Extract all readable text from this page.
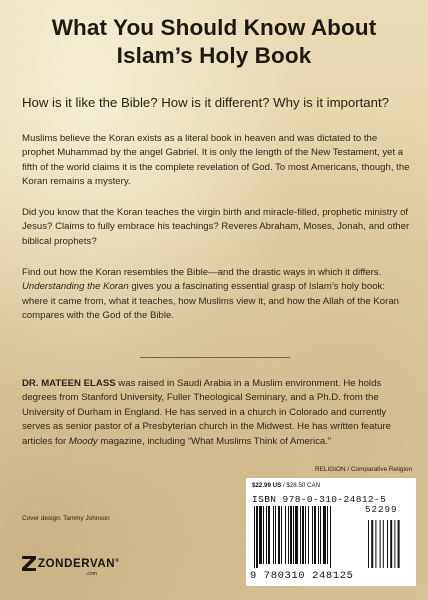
What You Should Know About
Islam’s Holy Book
How is it like the Bible? How is it different? Why is it important?
Muslims believe the Koran exists as a literal book in heaven and was dictated to the prophet Muhammad by the angel Gabriel. It is only the length of the New Testament, yet a fifth of the world claims it is the complete revelation of God. To most Americans, though, the Koran remains a mystery.
Did you know that the Koran teaches the virgin birth and miracle-filled, prophetic ministry of Jesus? Claims to fully embrace his teachings? Reveres Abraham, Moses, Jonah, and other biblical prophets?
Find out how the Koran resembles the Bible—and the drastic ways in which it differs. Understanding the Koran gives you a fascinating essential grasp of Islam’s holy book: where it came from, what it teaches, how Muslims view it, and how the Allah of the Koran compares with the God of the Bible.
DR. MATEEN ELASS was raised in Saudi Arabia in a Muslim environment. He holds degrees from Stanford University, Fuller Theological Seminary, and a Ph.D. from the University of Durham in England. He has served in a church in Colorado and currently serves as senior pastor of a Presbyterian church in the Midwest. He has written feature articles for Moody magazine, including “What Muslims Think of America.”
RELIGION / Comparative Religion
Cover design: Tammy Johnson
ZONDERVAN®
.com
$22.99 US / $28.50 CAN
ISBN 978-0-310-24812-5
52299
9 780310 248125
